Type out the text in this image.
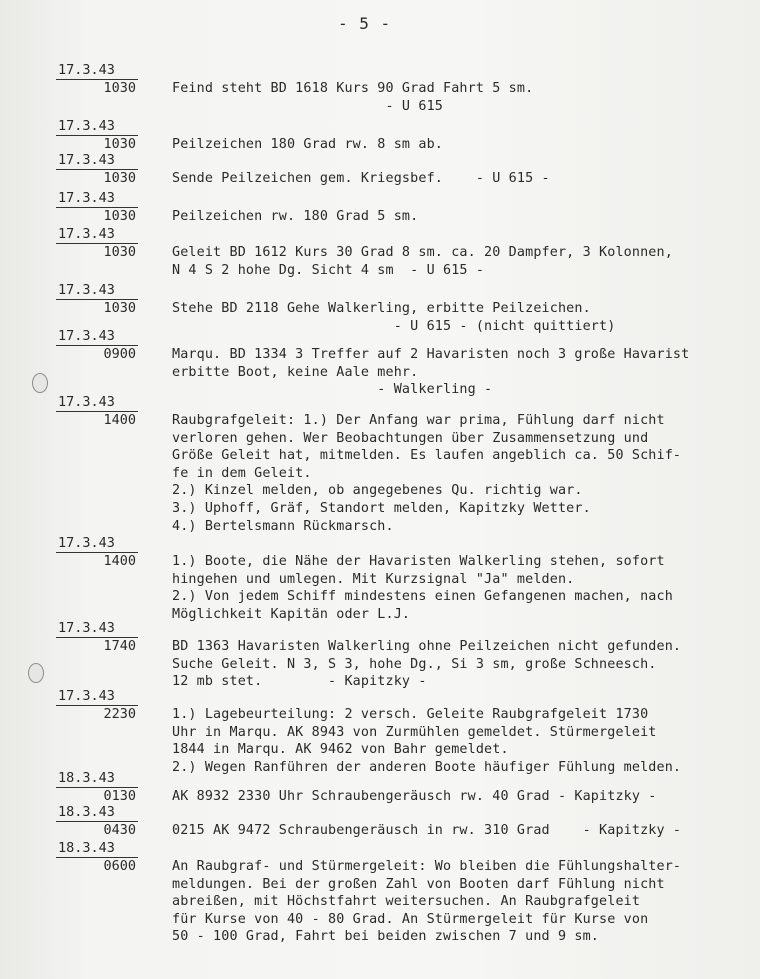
- 5 -
17.3.43
1030	Feind steht BD 1618 Kurs 90 Grad Fahrt 5 sm.
- U 615
17.3.43
1030	Peilzeichen 180 Grad rw. 8 sm ab.
17.3.43
1030	Sende Peilzeichen gem. Kriegsbef.    - U 615 -
17.3.43
1030	Peilzeichen rw. 180 Grad 5 sm.
17.3.43
1030	Geleit BD 1612 Kurs 30 Grad 8 sm. ca. 20 Dampfer, 3 Kolonnen,
N 4 S 2 hohe Dg. Sicht 4 sm  - U 615 -
17.3.43
1030	Stehe BD 2118 Gehe Walkerling, erbitte Peilzeichen.
- U 615 - (nicht quittiert)
17.3.43
0900	Marqu. BD 1334 3 Treffer auf 2 Havaristen noch 3 große Havarist
erbitte Boot, keine Aale mehr.
- Walkerling -
17.3.43
1400	Raubgrafgeleit: 1.) Der Anfang war prima, Fühlung darf nicht
verloren gehen. Wer Beobachtungen über Zusammensetzung und
Größe Geleit hat, mitmelden. Es laufen angeblich ca. 50 Schif-
fe in dem Geleit.
2.) Kinzel melden, ob angegebenes Qu. richtig war.
3.) Uphoff, Gräf, Standort melden, Kapitzky Wetter.
4.) Bertelsmann Rückmarsch.
17.3.43
1400	1.) Boote, die Nähe der Havaristen Walkerling stehen, sofort
hingehen und umlegen. Mit Kurzsignal "Ja" melden.
2.) Von jedem Schiff mindestens einen Gefangenen machen, nach
Möglichkeit Kapitän oder L.J.
17.3.43
1740	BD 1363 Havaristen Walkerling ohne Peilzeichen nicht gefunden.
Suche Geleit. N 3, S 3, hohe Dg., Si 3 sm, große Schneesch.
12 mb stet.        - Kapitzky -
17.3.43
2230	1.) Lagebeurteilung: 2 versch. Geleite Raubgrafgeleit 1730
Uhr in Marqu. AK 8943 von Zurmühlen gemeldet. Stürmergeleit
1844 in Marqu. AK 9462 von Bahr gemeldet.
2.) Wegen Ranführen der anderen Boote häufiger Fühlung melden.
18.3.43
0130	AK 8932 2330 Uhr Schraubengeräusch rw. 40 Grad - Kapitzky -
18.3.43
0430	0215 AK 9472 Schraubengeräusch in rw. 310 Grad    - Kapitzky -
18.3.43
0600	An Raubgraf- und Stürmergeleit: Wo bleiben die Fühlungshalter-
meldungen. Bei der großen Zahl von Booten darf Fühlung nicht
abreißen, mit Höchstfahrt weitersuchen. An Raubgrafgeleit
für Kurse von 40 - 80 Grad. An Stürmergeleit für Kurse von
50 - 100 Grad, Fahrt bei beiden zwischen 7 und 9 sm.
